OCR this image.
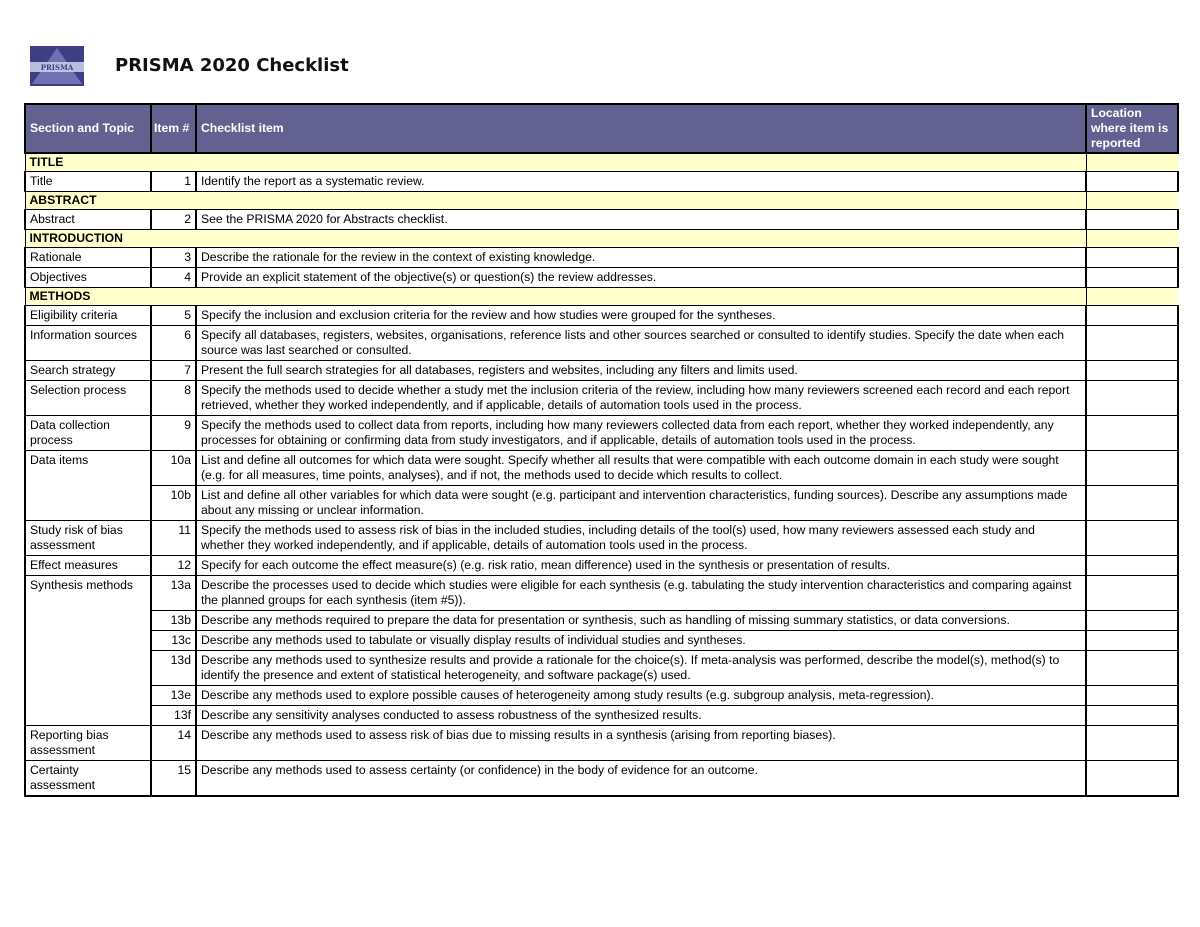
PRISMA PRISMA 2020 Checklist
Section and Topic	Item #	Checklist item	Location where item is reported
TITLE			
Title	1	Identify the report as a systematic review.	
ABSTRACT			
Abstract	2	See the PRISMA 2020 for Abstracts checklist.	
INTRODUCTION			
Rationale	3	Describe the rationale for the review in the context of existing knowledge.	
Objectives	4	Provide an explicit statement of the objective(s) or question(s) the review addresses.	
METHODS			
Eligibility criteria	5	Specify the inclusion and exclusion criteria for the review and how studies were grouped for the syntheses.	
Information sources	6	Specify all databases, registers, websites, organisations, reference lists and other sources searched or consulted to identify studies. Specify the date when each source was last searched or consulted.	
Search strategy	7	Present the full search strategies for all databases, registers and websites, including any filters and limits used.	
Selection process	8	Specify the methods used to decide whether a study met the inclusion criteria of the review, including how many reviewers screened each record and each report retrieved, whether they worked independently, and if applicable, details of automation tools used in the process.	
Data collection process	9	Specify the methods used to collect data from reports, including how many reviewers collected data from each report, whether they worked independently, any processes for obtaining or confirming data from study investigators, and if applicable, details of automation tools used in the process.	
Data items	10a	List and define all outcomes for which data were sought. Specify whether all results that were compatible with each outcome domain in each study were sought (e.g. for all measures, time points, analyses), and if not, the methods used to decide which results to collect.	
	10b	List and define all other variables for which data were sought (e.g. participant and intervention characteristics, funding sources). Describe any assumptions made about any missing or unclear information.	
Study risk of bias assessment	11	Specify the methods used to assess risk of bias in the included studies, including details of the tool(s) used, how many reviewers assessed each study and whether they worked independently, and if applicable, details of automation tools used in the process.	
Effect measures	12	Specify for each outcome the effect measure(s) (e.g. risk ratio, mean difference) used in the synthesis or presentation of results.	
Synthesis methods	13a	Describe the processes used to decide which studies were eligible for each synthesis (e.g. tabulating the study intervention characteristics and comparing against the planned groups for each synthesis (item #5)).	
	13b	Describe any methods required to prepare the data for presentation or synthesis, such as handling of missing summary statistics, or data conversions.	
	13c	Describe any methods used to tabulate or visually display results of individual studies and syntheses.	
	13d	Describe any methods used to synthesize results and provide a rationale for the choice(s). If meta-analysis was performed, describe the model(s), method(s) to identify the presence and extent of statistical heterogeneity, and software package(s) used.	
	13e	Describe any methods used to explore possible causes of heterogeneity among study results (e.g. subgroup analysis, meta-regression).	
	13f	Describe any sensitivity analyses conducted to assess robustness of the synthesized results.	
Reporting bias assessment	14	Describe any methods used to assess risk of bias due to missing results in a synthesis (arising from reporting biases).	
Certainty assessment	15	Describe any methods used to assess certainty (or confidence) in the body of evidence for an outcome.	
